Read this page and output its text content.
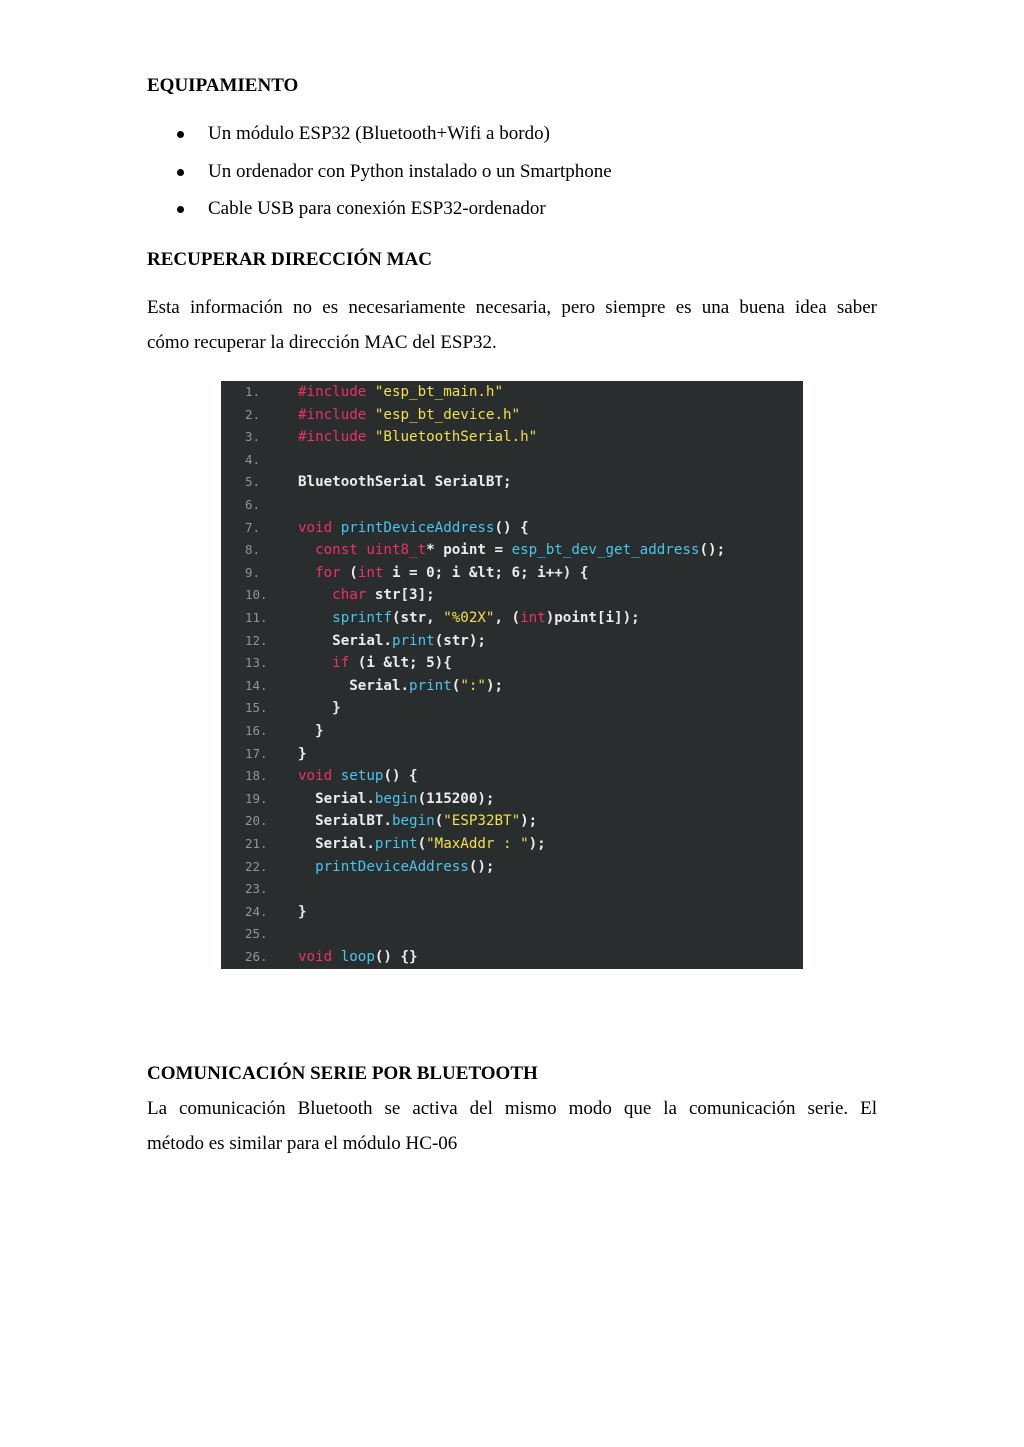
EQUIPAMIENTO
Un módulo ESP32 (Bluetooth+Wifi a bordo)
Un ordenador con Python instalado o un Smartphone
Cable USB para conexión ESP32-ordenador
RECUPERAR DIRECCIÓN MAC
Esta información no es necesariamente necesaria, pero siempre es una buena idea saber
cómo recuperar la dirección MAC del ESP32.
1.	#include "esp_bt_main.h"
2.	#include "esp_bt_device.h"
3.	#include "BluetoothSerial.h"
4.
5.	BluetoothSerial SerialBT;
6.
7.	void printDeviceAddress() {
8.	const uint8_t* point = esp_bt_dev_get_address();
9.	for (int i = 0; i &lt; 6; i++) {
10.	char str[3];
11.	sprintf(str, "%02X", (int)point[i]);
12.	Serial.print(str);
13.	if (i &lt; 5){
14.	Serial.print(":");
15.	}
16.	}
17.	}
18.	void setup() {
19.	Serial.begin(115200);
20.	SerialBT.begin("ESP32BT");
21.	Serial.print("MaxAddr : ");
22.	printDeviceAddress();
23.
24.	}
25.
26.	void loop() {}
COMUNICACIÓN SERIE POR BLUETOOTH
La comunicación Bluetooth se activa del mismo modo que la comunicación serie. El
método es similar para el módulo HC-06
